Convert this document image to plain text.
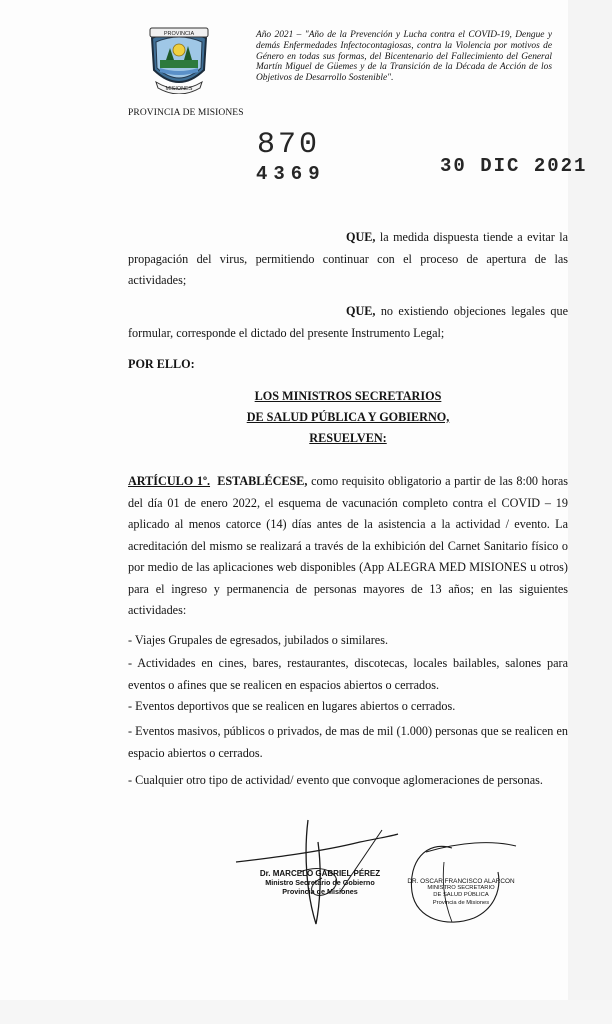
PROVINCIA
MISIONES
PROVINCIA DE MISIONES
Año 2021 – "Año de la Prevención y Lucha contra el COVID-19, Dengue y demás Enfermedades Infectocontagiosas, contra la Violencia por motivos de Género en todas sus formas, del Bicentenario del Fallecimiento del General Martín Miguel de Güemes y de la Transición de la Década de Acción de los Objetivos de Desarrollo Sostenible".
870
4369	30 DIC 2021
QUE, la medida dispuesta tiende a evitar la propagación del virus, permitiendo continuar con el proceso de apertura de las actividades;
QUE, no existiendo objeciones legales que formular, corresponde el dictado del presente Instrumento Legal;
POR ELLO:
LOS MINISTROS SECRETARIOS
DE SALUD PÚBLICA Y GOBIERNO,
RESUELVEN:
ARTÍCULO 1º. ESTABLÉCESE, como requisito obligatorio a partir de las 8:00 horas del día 01 de enero 2022, el esquema de vacunación completo contra el COVID – 19 aplicado al menos catorce (14) días antes de la asistencia a la actividad / evento. La acreditación del mismo se realizará a través de la exhibición del Carnet Sanitario físico o por medio de las aplicaciones web disponibles (App ALEGRA MED MISIONES u otros) para el ingreso y permanencia de personas mayores de 13 años; en las siguientes actividades:
- Viajes Grupales de egresados, jubilados o similares.
- Actividades en cines, bares, restaurantes, discotecas, locales bailables, salones para eventos o afines que se realicen en espacios abiertos o cerrados.
- Eventos deportivos que se realicen en lugares abiertos o cerrados.
- Eventos masivos, públicos o privados, de mas de mil (1.000) personas que se realicen en espacio abiertos o cerrados.
- Cualquier otro tipo de actividad/ evento que convoque aglomeraciones de personas.
Dr. MARCELO GABRIEL PÉREZ
Ministro Secretario de Gobierno
Provincia de Misiones
DR. OSCAR FRANCISCO ALARCON
MINISTRO SECRETARIO
DE SALUD PÚBLICA
Provincia de Misiones
